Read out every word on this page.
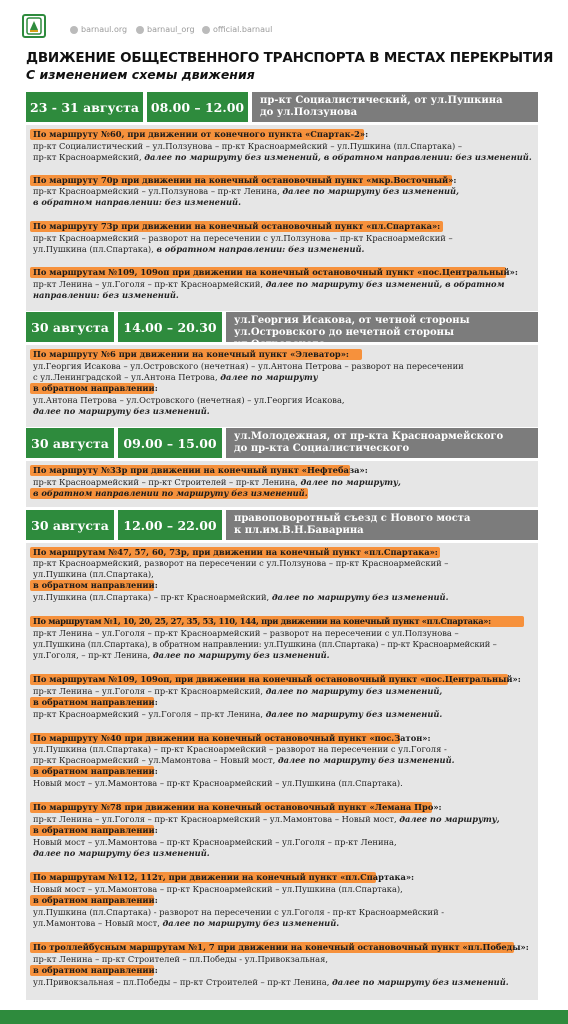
barnaul.org barnaul_org official.barnaul
ДВИЖЕНИЕ ОБЩЕСТВЕННОГО ТРАНСПОРТА В МЕСТАХ ПЕРЕКРЫТИЯ
С изменением схемы движения
23 - 31 августа 08.00 – 12.00	пр-кт Социалистический, от ул.Пушкина
до ул.Ползунова
По маршруту №60, при движении от конечного пункта «Спартак-2»:
пр-кт Социалистический – ул.Ползунова – пр-кт Красноармейский – ул.Пушкина (пл.Спартака) –
пр-кт Красноармейский, далее по маршруту без изменений, в обратном направлении: без изменений.
По маршруту 70р при движении на конечный остановочный пункт «мкр.Восточный»:
пр-кт Красноармейский – ул.Ползунова – пр-кт Ленина, далее по маршруту без изменений,
в обратном направлении: без изменений.
По маршруту 73р при движении на конечный остановочный пункт «пл.Спартака»:
пр-кт Красноармейский – разворот на пересечении с ул.Ползунова – пр-кт Красноармейский –
ул.Пушкина (пл.Спартака), в обратном направлении: без изменений.
По маршрутам №109, 109оп при движении на конечный остановочный пункт «пос.Центральный»:
пр-кт Ленина – ул.Гоголя – пр-кт Красноармейский, далее по маршруту без изменений, в обратном
направлении: без изменений.
30 августа	14.00 – 20.30	ул.Георгия Исакова, от четной стороны
ул.Островского до нечетной стороны
По маршруту №6 при движении на конечный пункт «Элеватор»:
ул.Георгия Исакова – ул.Островского (нечетная) – ул.Антона Петрова – разворот на пересечении
с ул.Ленинградской – ул.Антона Петрова, далее по маршруту
в обратном направлении:
ул.Антона Петрова – ул.Островского (нечетная) – ул.Георгия Исакова,
далее по маршруту без изменений.
30 августа	09.00 – 15.00	ул.Молодежная, от пр-кта Красноармейского
до пр-кта Социалистического
По маршруту №33р при движении на конечный пункт «Нефтебаза»:
пр-кт Красноармейский – пр-кт Строителей – пр-кт Ленина, далее по маршруту,
в обратном направлении по маршруту без изменений.
30 августа	12.00 – 22.00	правоповоротный съезд с Нового моста
к пл.им.В.Н.Баварина
По маршрутам №47, 57, 60, 73р, при движении на конечный пункт «пл.Спартака»:
пр-кт Красноармейский, разворот на пересечении с ул.Ползунова – пр-кт Красноармейский –
ул.Пушкина (пл.Спартака),
в обратном направлении:
ул.Пушкина (пл.Спартака) – пр-кт Красноармейский, далее по маршруту без изменений.
По маршрутам №1, 10, 20, 25, 27, 35, 53, 110, 144, при движении на конечный пункт «пл.Спартака»:
пр-кт Ленина – ул.Гоголя – пр-кт Красноармейский – разворот на пересечении с ул.Ползунова –
ул.Пушкина (пл.Спартака), в обратном направлении: ул.Пушкина (пл.Спартака) – пр-кт Красноармейский –
ул.Гоголя, – пр-кт Ленина, далее по маршруту без изменений.
По маршрутам №109, 109оп, при движении на конечный остановочный пункт «пос.Центральный»:
пр-кт Ленина – ул.Гоголя – пр-кт Красноармейский, далее по маршруту без изменений,
в обратном направлении:
пр-кт Красноармейский – ул.Гоголя – пр-кт Ленина, далее по маршруту без изменений.
По маршруту №40 при движении на конечный остановочный пункт «пос.Затон»:
ул.Пушкина (пл.Спартака) – пр-кт Красноармейский – разворот на пересечении с ул.Гоголя -
пр-кт Красноармейский – ул.Мамонтова – Новый мост, далее по маршруту без изменений.
в обратном направлении:
Новый мост – ул.Мамонтова – пр-кт Красноармейский – ул.Пушкина (пл.Спартака).
По маршруту №78 при движении на конечный остановочный пункт «Лемана Про»:
пр-кт Ленина – ул.Гоголя – пр-кт Красноармейский – ул.Мамонтова – Новый мост, далее по маршруту,
в обратном направлении:
Новый мост – ул.Мамонтова – пр-кт Красноармейский – ул.Гоголя – пр-кт Ленина,
далее по маршруту без изменений.
По маршрутам №112, 112т, при движении на конечный пункт «пл.Спартака»:
Новый мост – ул.Мамонтова – пр-кт Красноармейский – ул.Пушкина (пл.Спартака),
в обратном направлении:
ул.Пушкина (пл.Спартака) - разворот на пересечении с ул.Гоголя - пр-кт Красноармейский -
ул.Мамонтова – Новый мост, далее по маршруту без изменений.
По троллейбусным маршрутам №1, 7 при движении на конечный остановочный пункт «пл.Победы»:
пр-кт Ленина – пр-кт Строителей – пл.Победы - ул.Привокзальная,
в обратном направлении:
ул.Привокзальная – пл.Победы – пр-кт Строителей – пр-кт Ленина, далее по маршруту без изменений.
